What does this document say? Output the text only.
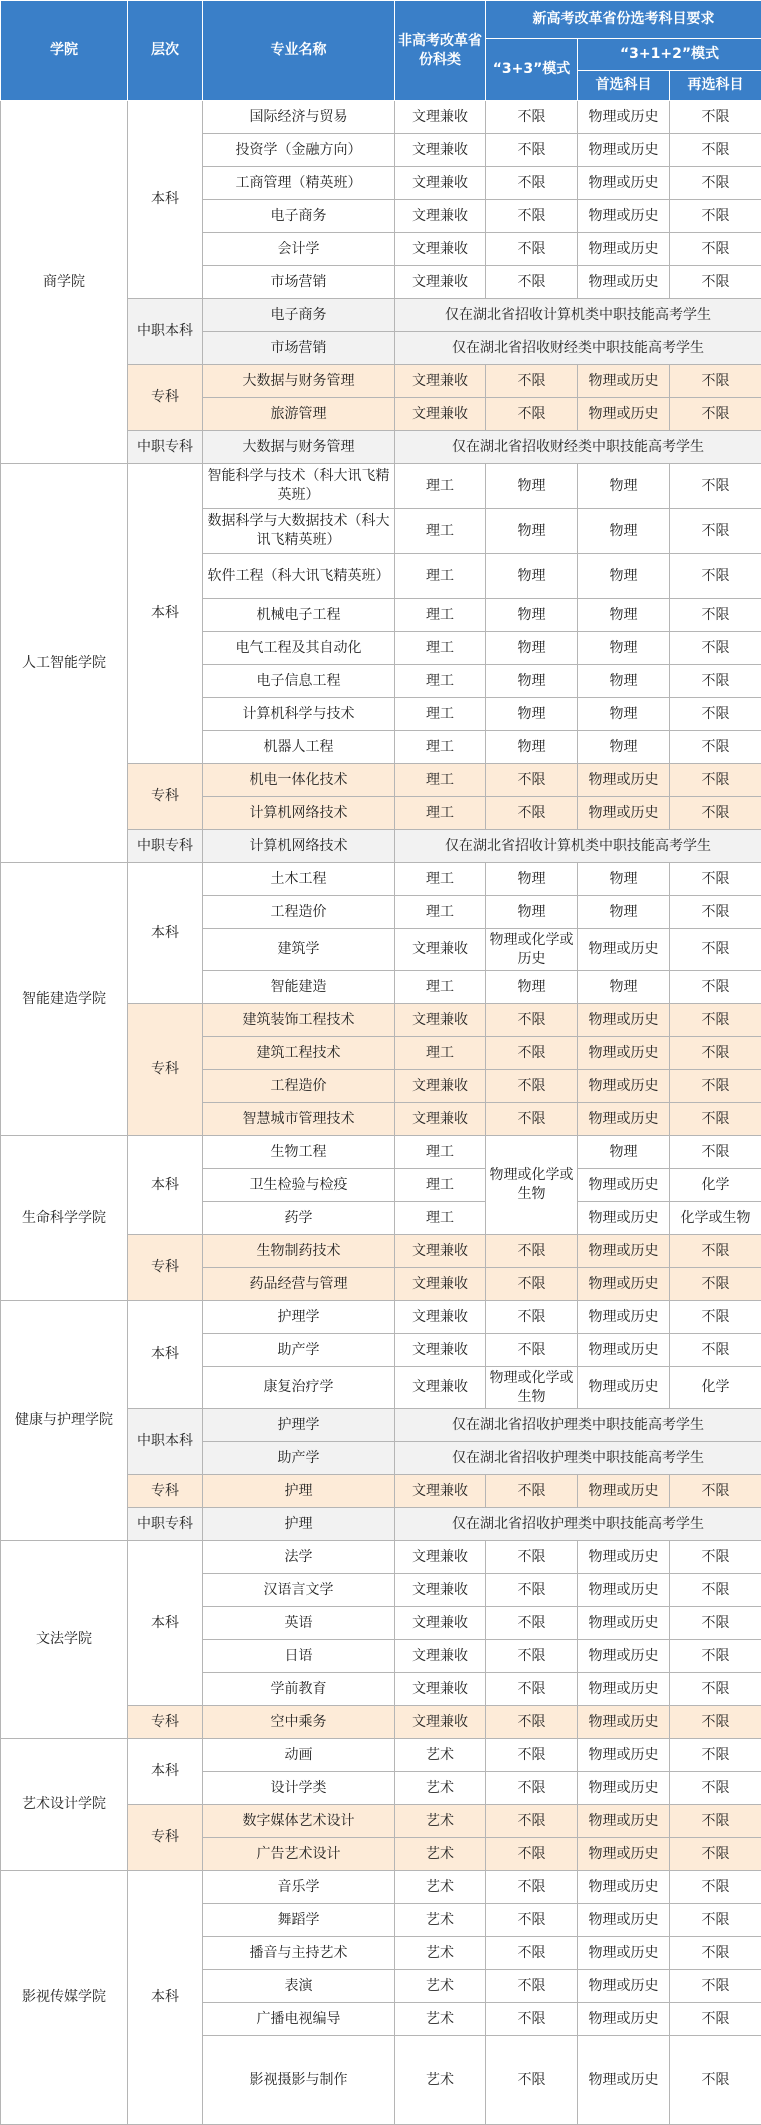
学院	层次	专业名称	非高考改革省份科类	新高考改革省份选考科目要求		
				“3+3”模式	“3+1+2”模式	
					首选科目	再选科目
商学院	本科	国际经济与贸易	文理兼收	不限	物理或历史	不限
		投资学（金融方向）	文理兼收	不限	物理或历史	不限
		工商管理（精英班）	文理兼收	不限	物理或历史	不限
		电子商务	文理兼收	不限	物理或历史	不限
		会计学	文理兼收	不限	物理或历史	不限
		市场营销	文理兼收	不限	物理或历史	不限
	中职本科	电子商务	仅在湖北省招收计算机类中职技能高考学生			
		市场营销	仅在湖北省招收财经类中职技能高考学生			
	专科	大数据与财务管理	文理兼收	不限	物理或历史	不限
		旅游管理	文理兼收	不限	物理或历史	不限
	中职专科	大数据与财务管理	仅在湖北省招收财经类中职技能高考学生			
人工智能学院	本科	智能科学与技术（科大讯飞精英班）	理工	物理	物理	不限
		数据科学与大数据技术（科大讯飞精英班）	理工	物理	物理	不限
		软件工程（科大讯飞精英班）	理工	物理	物理	不限
		机械电子工程	理工	物理	物理	不限
		电气工程及其自动化	理工	物理	物理	不限
		电子信息工程	理工	物理	物理	不限
		计算机科学与技术	理工	物理	物理	不限
		机器人工程	理工	物理	物理	不限
	专科	机电一体化技术	理工	不限	物理或历史	不限
		计算机网络技术	理工	不限	物理或历史	不限
	中职专科	计算机网络技术	仅在湖北省招收计算机类中职技能高考学生			
智能建造学院	本科	土木工程	理工	物理	物理	不限
		工程造价	理工	物理	物理	不限
		建筑学	文理兼收	物理或化学或历史	物理或历史	不限
		智能建造	理工	物理	物理	不限
	专科	建筑装饰工程技术	文理兼收	不限	物理或历史	不限
		建筑工程技术	理工	不限	物理或历史	不限
		工程造价	文理兼收	不限	物理或历史	不限
		智慧城市管理技术	文理兼收	不限	物理或历史	不限
生命科学学院	本科	生物工程	理工	物理或化学或生物	物理	不限
		卫生检验与检疫	理工		物理或历史	化学
		药学	理工		物理或历史	化学或生物
	专科	生物制药技术	文理兼收	不限	物理或历史	不限
		药品经营与管理	文理兼收	不限	物理或历史	不限
健康与护理学院	本科	护理学	文理兼收	不限	物理或历史	不限
		助产学	文理兼收	不限	物理或历史	不限
		康复治疗学	文理兼收	物理或化学或生物	物理或历史	化学
	中职本科	护理学	仅在湖北省招收护理类中职技能高考学生			
		助产学	仅在湖北省招收护理类中职技能高考学生			
	专科	护理	文理兼收	不限	物理或历史	不限
	中职专科	护理	仅在湖北省招收护理类中职技能高考学生			
文法学院	本科	法学	文理兼收	不限	物理或历史	不限
		汉语言文学	文理兼收	不限	物理或历史	不限
		英语	文理兼收	不限	物理或历史	不限
		日语	文理兼收	不限	物理或历史	不限
		学前教育	文理兼收	不限	物理或历史	不限
	专科	空中乘务	文理兼收	不限	物理或历史	不限
艺术设计学院	本科	动画	艺术	不限	物理或历史	不限
		设计学类	艺术	不限	物理或历史	不限
	专科	数字媒体艺术设计	艺术	不限	物理或历史	不限
		广告艺术设计	艺术	不限	物理或历史	不限
影视传媒学院	本科	音乐学	艺术	不限	物理或历史	不限
		舞蹈学	艺术	不限	物理或历史	不限
		播音与主持艺术	艺术	不限	物理或历史	不限
		表演	艺术	不限	物理或历史	不限
		广播电视编导	艺术	不限	物理或历史	不限
		影视摄影与制作	艺术	不限	物理或历史	不限
